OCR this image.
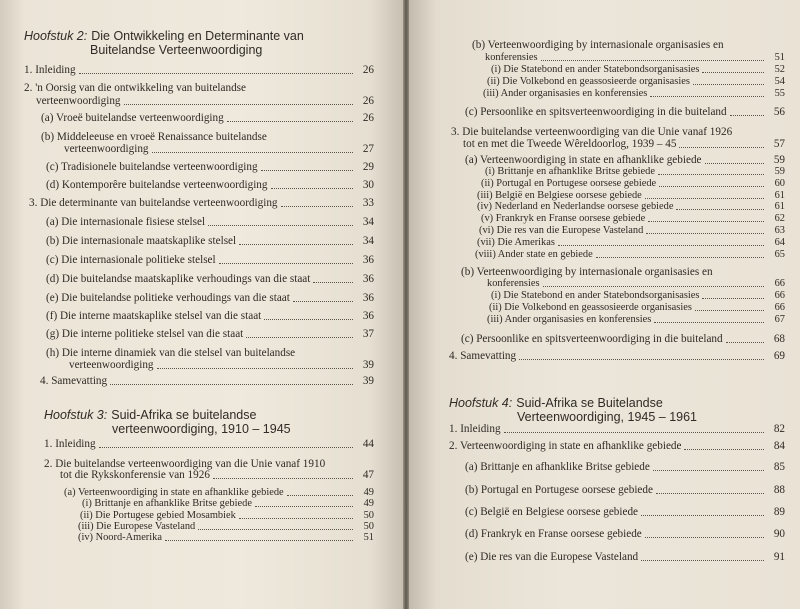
Hoofstuk 2: Die Ontwikkeling en Determinante van
Buitelandse Verteenwoordiging
1. Inleiding	26
2. 'n Oorsig van die ontwikkeling van buitelandse
verteenwoordiging	26
(a) Vroeë buitelandse verteenwoordiging	26
(b) Middeleeuse en vroeë Renaissance buitelandse
verteenwoordiging	27
(c) Tradisionele buitelandse verteenwoordiging	29
(d) Kontemporêre buitelandse verteenwoordiging	30
3. Die determinante van buitelandse verteenwoordiging	33
(a) Die internasionale fisiese stelsel	34
(b) Die internasionale maatskaplike stelsel	34
(c) Die internasionale politieke stelsel	36
(d) Die buitelandse maatskaplike verhoudings van die staat	36
(e) Die buitelandse politieke verhoudings van die staat	36
(f) Die interne maatskaplike stelsel van die staat	36
(g) Die interne politieke stelsel van die staat	37
(h) Die interne dinamiek van die stelsel van buitelandse
verteenwoordiging	39
4. Samevatting	39
Hoofstuk 3: Suid-Afrika se buitelandse
verteenwoordiging, 1910 – 1945
1. Inleiding	44
2. Die buitelandse verteenwoordiging van die Unie vanaf 1910
tot die Rykskonferensie van 1926	47
(a) Verteenwoordiging in state en afhanklike gebiede	49
(i) Brittanje en afhanklike Britse gebiede	49
(ii) Die Portugese gebied Mosambiek	50
(iii) Die Europese Vasteland	50
(iv) Noord-Amerika	51
(b) Verteenwoordiging by internasionale organisasies en
konferensies	51
(i) Die Statebond en ander Statebondsorganisasies	52
(ii) Die Volkebond en geassosieerde organisasies	54
(iii) Ander organisasies en konferensies	55
(c) Persoonlike en spitsverteenwoordiging in die buiteland	56
3. Die buitelandse verteenwoordiging van die Unie vanaf 1926
tot en met die Tweede Wêreldoorlog, 1939 – 45	57
(a) Verteenwoordiging in state en afhanklike gebiede	59
(i) Brittanje en afhanklike Britse gebiede	59
(ii) Portugal en Portugese oorsese gebiede	60
(iii) België en Belgiese oorsese gebiede	61
(iv) Nederland en Nederlandse oorsese gebiede	61
(v) Frankryk en Franse oorsese gebiede	62
(vi) Die res van die Europese Vasteland	63
(vii) Die Amerikas	64
(viii) Ander state en gebiede	65
(b) Verteenwoordiging by internasionale organisasies en
konferensies	66
(i) Die Statebond en ander Statebondsorganisasies	66
(ii) Die Volkebond en geassosieerde organisasies	66
(iii) Ander organisasies en konferensies	67
(c) Persoonlike en spitsverteenwoordiging in die buiteland	68
4. Samevatting	69
Hoofstuk 4: Suid-Afrika se Buitelandse
Verteenwoordiging, 1945 – 1961
1. Inleiding	82
2. Verteenwoordiging in state en afhanklike gebiede	84
(a) Brittanje en afhanklike Britse gebiede	85
(b) Portugal en Portugese oorsese gebiede	88
(c) België en Belgiese oorsese gebiede	89
(d) Frankryk en Franse oorsese gebiede	90
(e) Die res van die Europese Vasteland	91
